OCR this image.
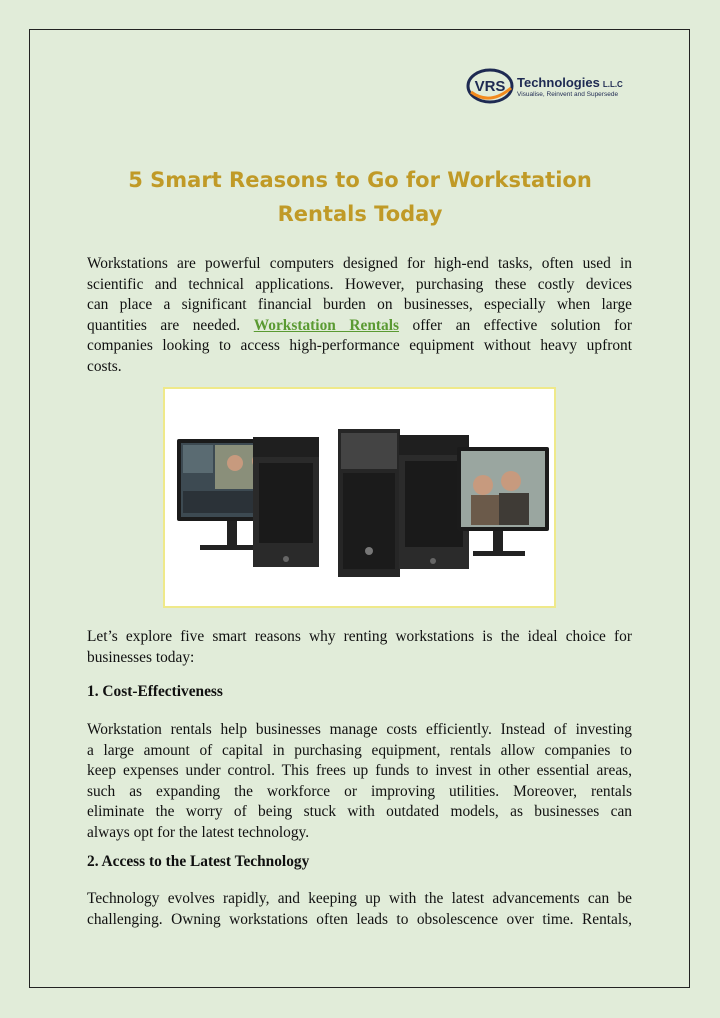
VRS Technologies L.L.C
Visualise, Reinvent and Supersede
5 Smart Reasons to Go for Workstation
Rentals Today
Workstations are powerful computers designed for high-end tasks, often used in
scientific and technical applications. However, purchasing these costly devices
can place a significant financial burden on businesses, especially when large
quantities are needed. Workstation Rentals offer an effective solution for
companies looking to access high-performance equipment without heavy upfront
costs.
Let’s explore five smart reasons why renting workstations is the ideal choice for
businesses today:
1. Cost-Effectiveness
Workstation rentals help businesses manage costs efficiently. Instead of investing
a large amount of capital in purchasing equipment, rentals allow companies to
keep expenses under control. This frees up funds to invest in other essential areas,
such as expanding the workforce or improving utilities. Moreover, rentals
eliminate the worry of being stuck with outdated models, as businesses can
always opt for the latest technology.
2. Access to the Latest Technology
Technology evolves rapidly, and keeping up with the latest advancements can be
challenging. Owning workstations often leads to obsolescence over time. Rentals,
